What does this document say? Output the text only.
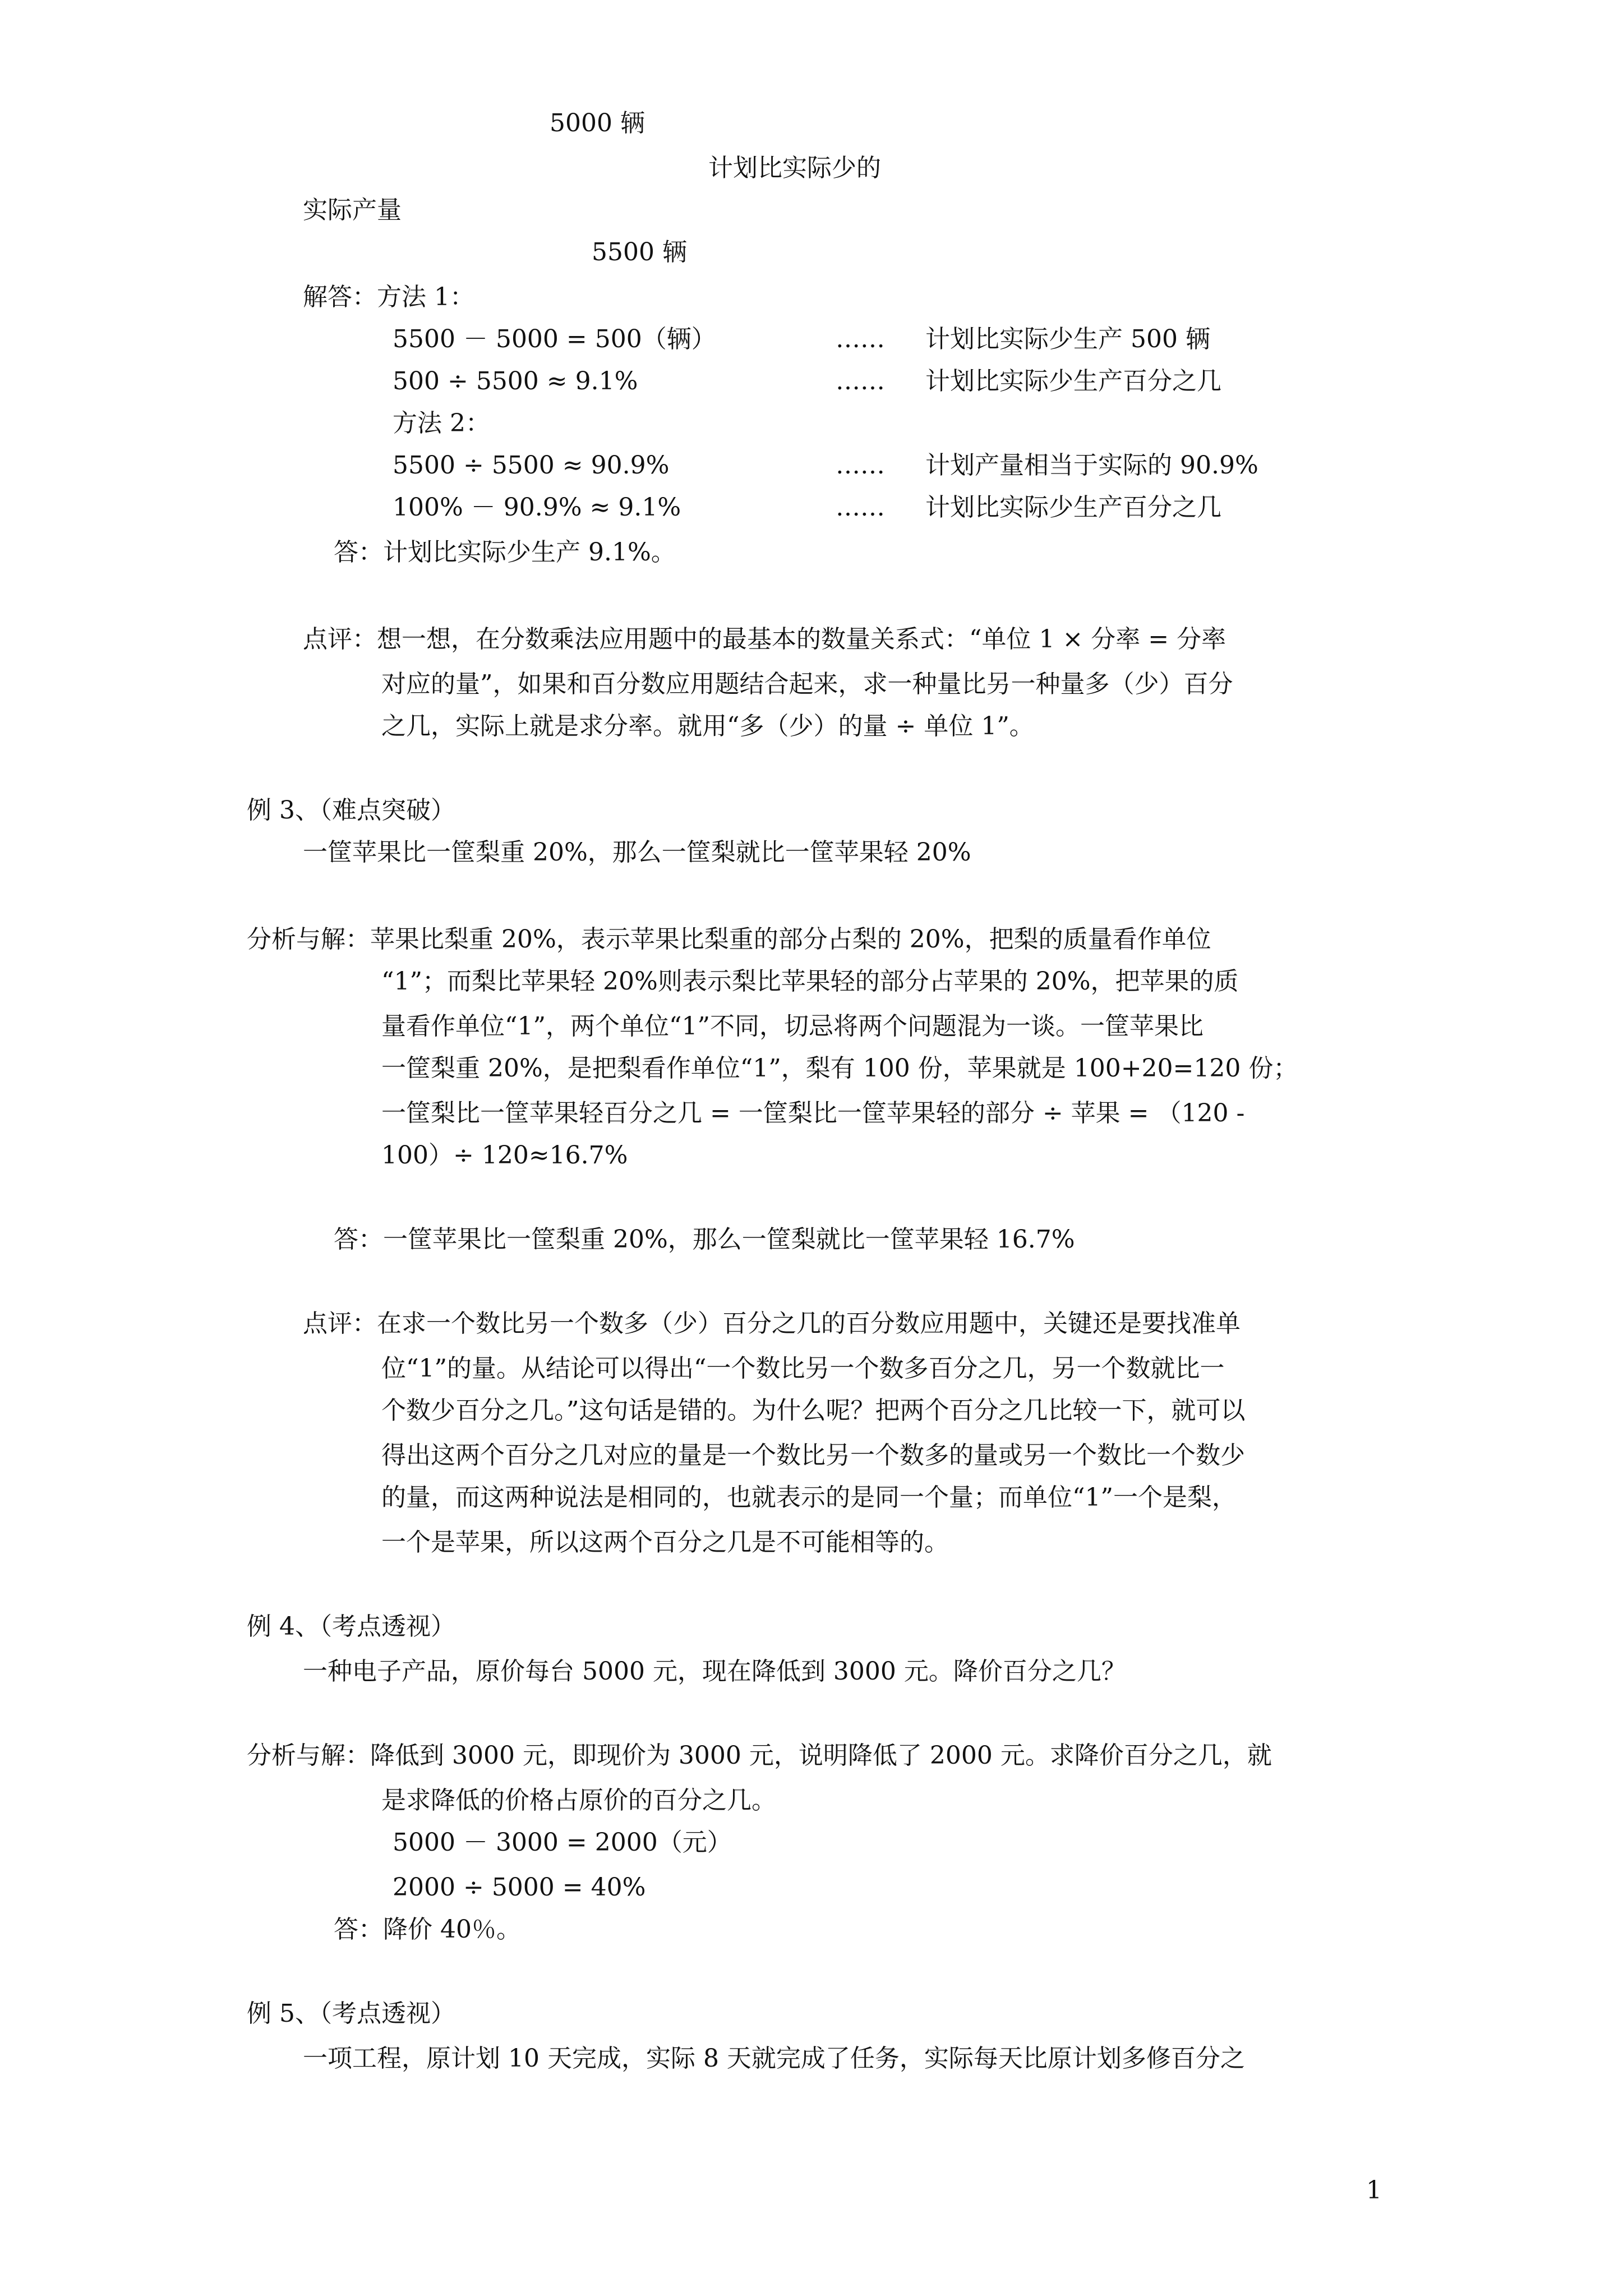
5000 辆
计划比实际少的
实际产量
5500 辆
解答：方法 1：
5500 － 5000 = 500（辆）	…… 计划比实际少生产 500 辆
500 ÷ 5500 ≈ 9.1%	…… 计划比实际少生产百分之几
方法 2：
5500 ÷ 5500 ≈ 90.9%	…… 计划产量相当于实际的 90.9%
100% － 90.9% ≈ 9.1%	…… 计划比实际少生产百分之几
答：计划比实际少生产 9.1%。
点评：想一想，在分数乘法应用题中的最基本的数量关系式：“单位 1 × 分率 = 分率
对应的量”，如果和百分数应用题结合起来，求一种量比另一种量多（少）百分
之几，实际上就是求分率。就用“多（少）的量 ÷ 单位 1”。
例 3、（难点突破）
一筐苹果比一筐梨重 20%，那么一筐梨就比一筐苹果轻 20%
分析与解：苹果比梨重 20%，表示苹果比梨重的部分占梨的 20%，把梨的质量看作单位
“1”；而梨比苹果轻 20%则表示梨比苹果轻的部分占苹果的 20%，把苹果的质
量看作单位“1”，两个单位“1”不同，切忌将两个问题混为一谈。一筐苹果比
一筐梨重 20%，是把梨看作单位“1”，梨有 100 份，苹果就是 100+20=120 份；
一筐梨比一筐苹果轻百分之几 = 一筐梨比一筐苹果轻的部分 ÷ 苹果 = （120 -
100）÷ 120≈16.7%
答：一筐苹果比一筐梨重 20%，那么一筐梨就比一筐苹果轻 16.7%
点评：在求一个数比另一个数多（少）百分之几的百分数应用题中，关键还是要找准单
位“1”的量。从结论可以得出“一个数比另一个数多百分之几，另一个数就比一
个数少百分之几。”这句话是错的。为什么呢？把两个百分之几比较一下，就可以
得出这两个百分之几对应的量是一个数比另一个数多的量或另一个数比一个数少
的量，而这两种说法是相同的，也就表示的是同一个量；而单位“1”一个是梨，
一个是苹果，所以这两个百分之几是不可能相等的。
例 4、（考点透视）
一种电子产品，原价每台 5000 元，现在降低到 3000 元。降价百分之几？
分析与解：降低到 3000 元，即现价为 3000 元，说明降低了 2000 元。求降价百分之几，就
是求降低的价格占原价的百分之几。
5000 － 3000 = 2000（元）
2000 ÷ 5000 = 40%
答：降价 40％。
例 5、（考点透视）
一项工程，原计划 10 天完成，实际 8 天就完成了任务，实际每天比原计划多修百分之
1
